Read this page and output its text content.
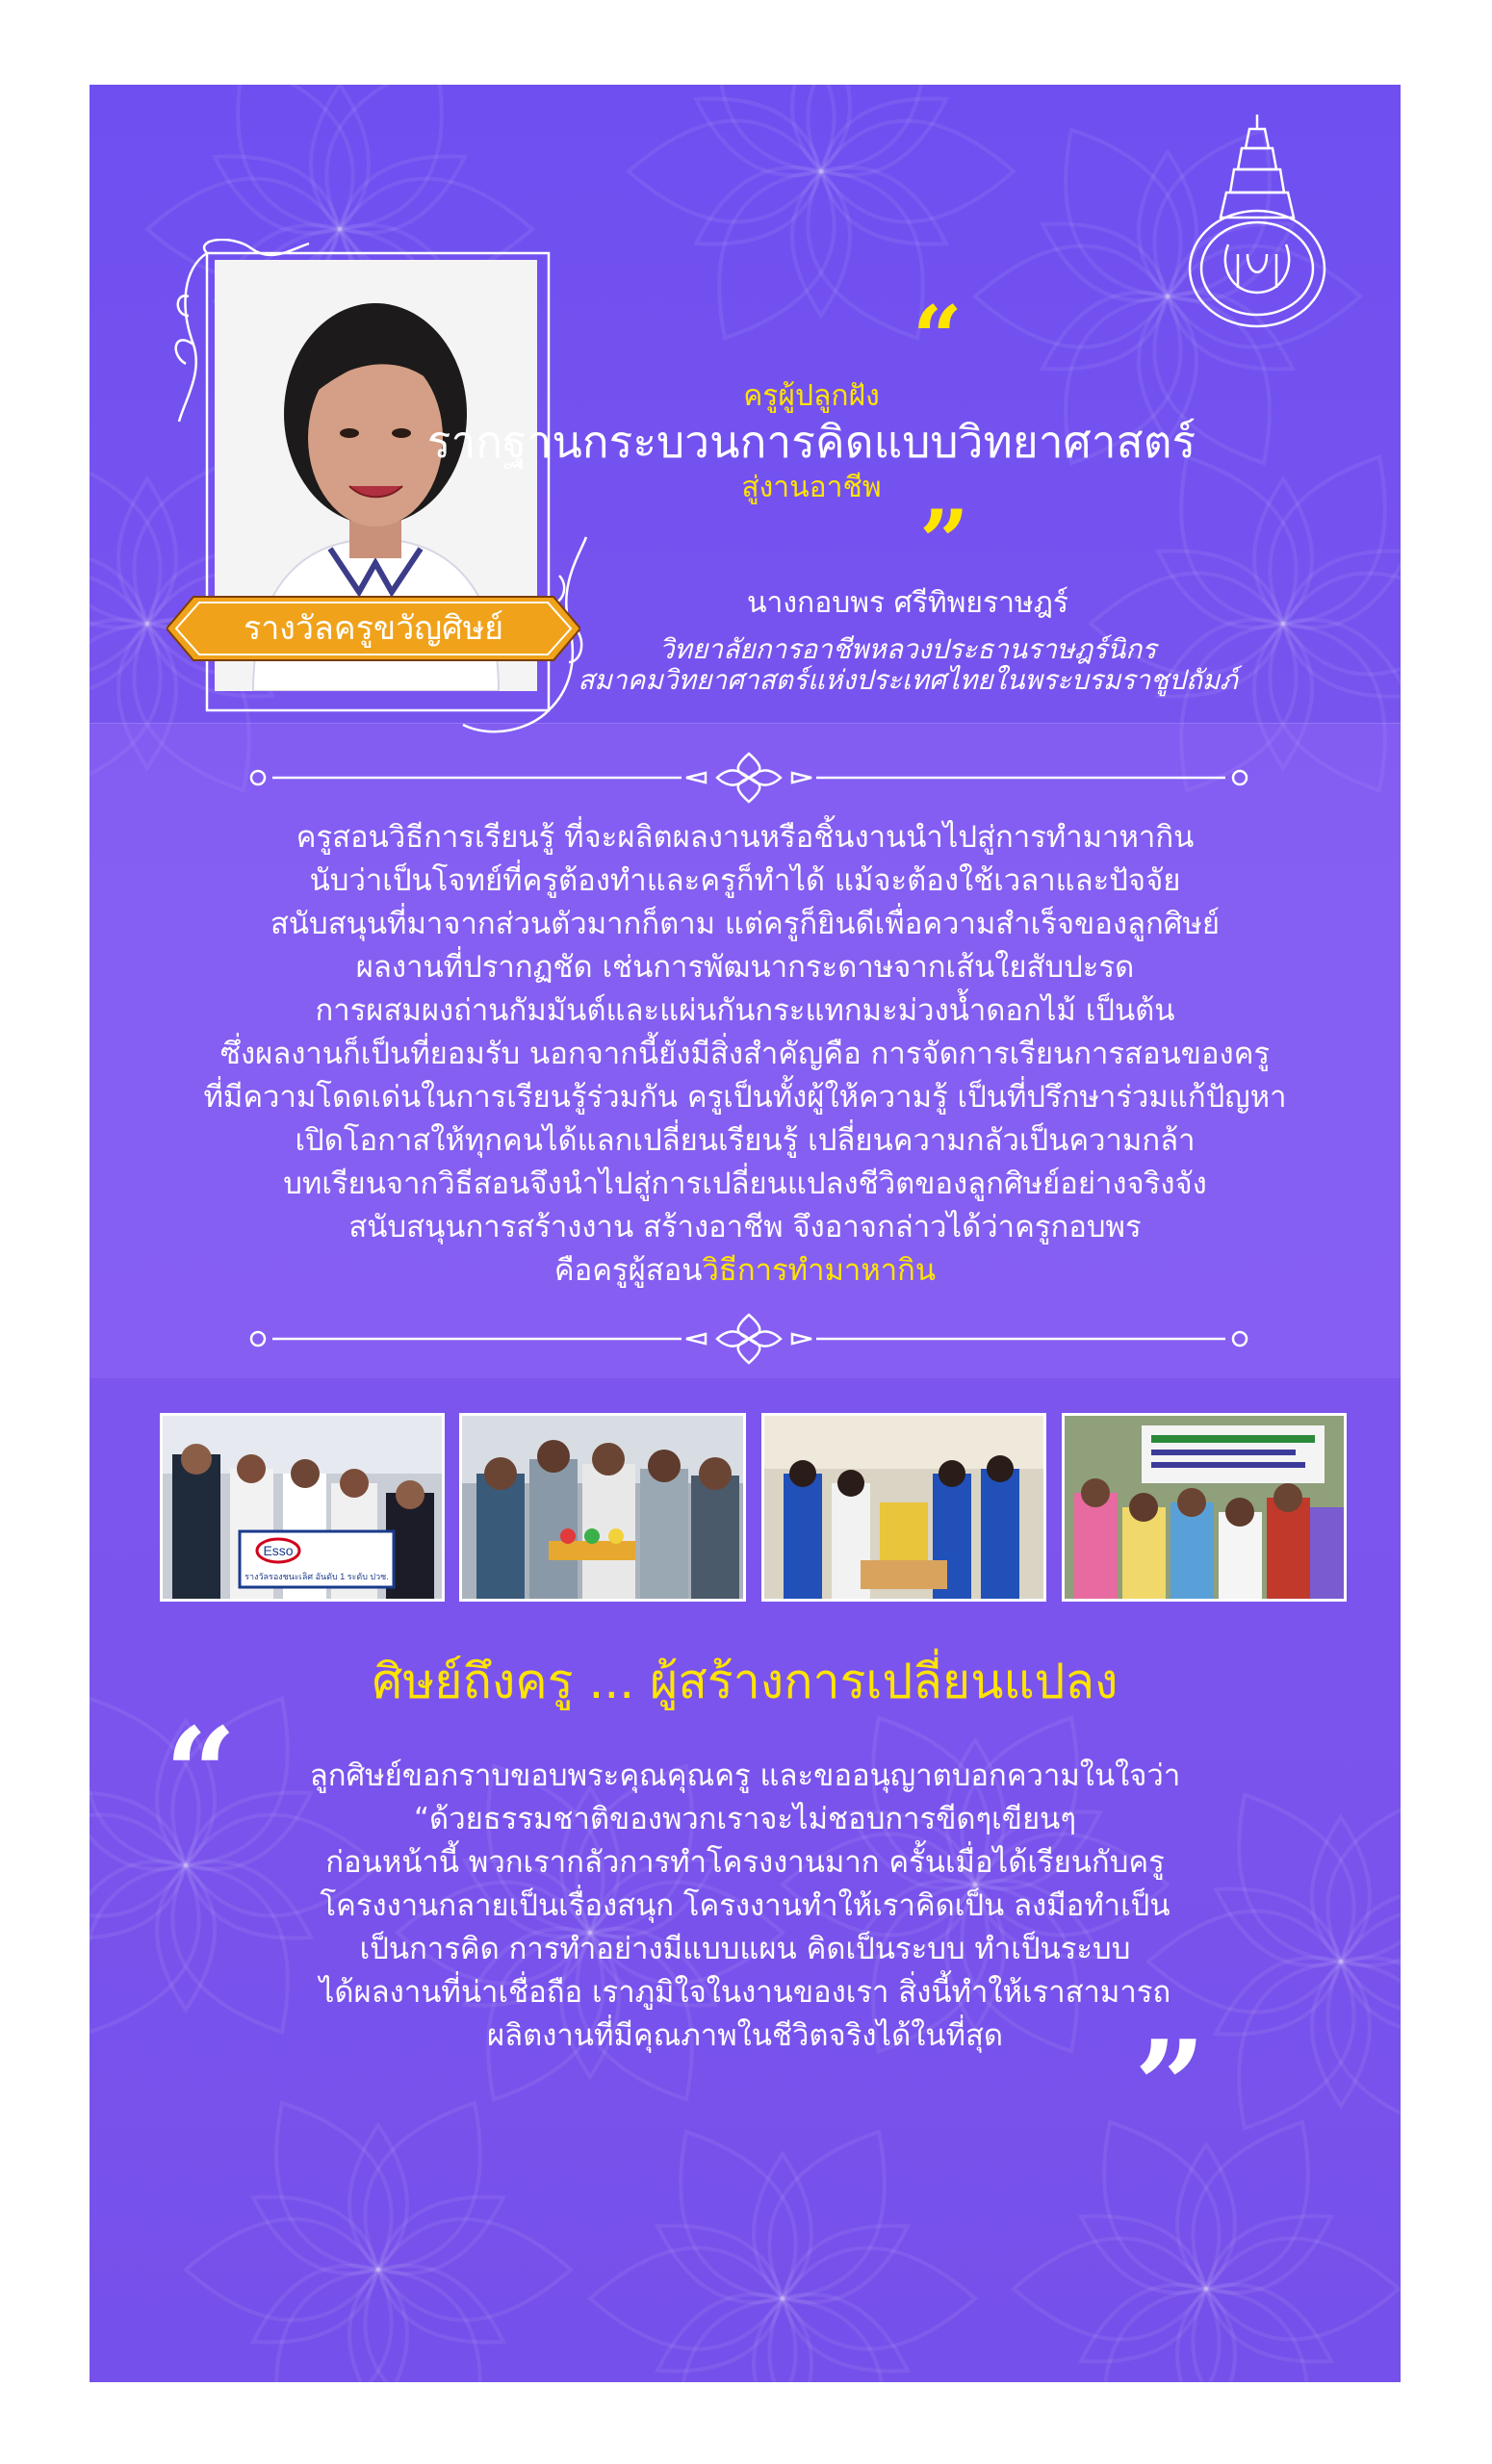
รางวัลครูขวัญศิษย์
“
ครูผู้ปลูกฝัง
รากฐานกระบวนการคิดแบบวิทยาศาสตร์
สู่งานอาชีพ
”
นางกอบพร ศรีทิพยราษฎร์
วิทยาลัยการอาชีพหลวงประธานราษฎร์นิกร
สมาคมวิทยาศาสตร์แห่งประเทศไทยในพระบรมราชูปถัมภ์
ครูสอนวิธีการเรียนรู้ ที่จะผลิตผลงานหรือชิ้นงานนำไปสู่การทำมาหากิน
นับว่าเป็นโจทย์ที่ครูต้องทำและครูก็ทำได้ แม้จะต้องใช้เวลาและปัจจัย
สนับสนุนที่มาจากส่วนตัวมากก็ตาม แต่ครูก็ยินดีเพื่อความสำเร็จของลูกศิษย์
ผลงานที่ปรากฏชัด เช่นการพัฒนากระดาษจากเส้นใยสับปะรด
การผสมผงถ่านกัมมันต์และแผ่นกันกระแทกมะม่วงน้ำดอกไม้ เป็นต้น
ซึ่งผลงานก็เป็นที่ยอมรับ นอกจากนี้ยังมีสิ่งสำคัญคือ การจัดการเรียนการสอนของครู
ที่มีความโดดเด่นในการเรียนรู้ร่วมกัน ครูเป็นทั้งผู้ให้ความรู้ เป็นที่ปรึกษาร่วมแก้ปัญหา
เปิดโอกาสให้ทุกคนได้แลกเปลี่ยนเรียนรู้ เปลี่ยนความกลัวเป็นความกล้า
บทเรียนจากวิธีสอนจึงนำไปสู่การเปลี่ยนแปลงชีวิตของลูกศิษย์อย่างจริงจัง
สนับสนุนการสร้างงาน สร้างอาชีพ จึงอาจกล่าวได้ว่าครูกอบพร
คือครูผู้สอนวิธีการทำมาหากิน
Esso
รางวัลรองชนะเลิศ อันดับ 1 ระดับ ปวช.
ศิษย์ถึงครู ... ผู้สร้างการเปลี่ยนแปลง
“	ลูกศิษย์ขอกราบขอบพระคุณคุณครู และขออนุญาตบอกความในใจว่า
“ด้วยธรรมชาติของพวกเราจะไม่ชอบการขีดๆเขียนๆ
ก่อนหน้านี้ พวกเรากลัวการทำโครงงานมาก ครั้นเมื่อได้เรียนกับครู
โครงงานกลายเป็นเรื่องสนุก โครงงานทำให้เราคิดเป็น ลงมือทำเป็น
เป็นการคิด การทำอย่างมีแบบแผน คิดเป็นระบบ ทำเป็นระบบ
ได้ผลงานที่น่าเชื่อถือ เราภูมิใจในงานของเรา สิ่งนี้ทำให้เราสามารถ
ผลิตงานที่มีคุณภาพในชีวิตจริงได้ในที่สุด	”
